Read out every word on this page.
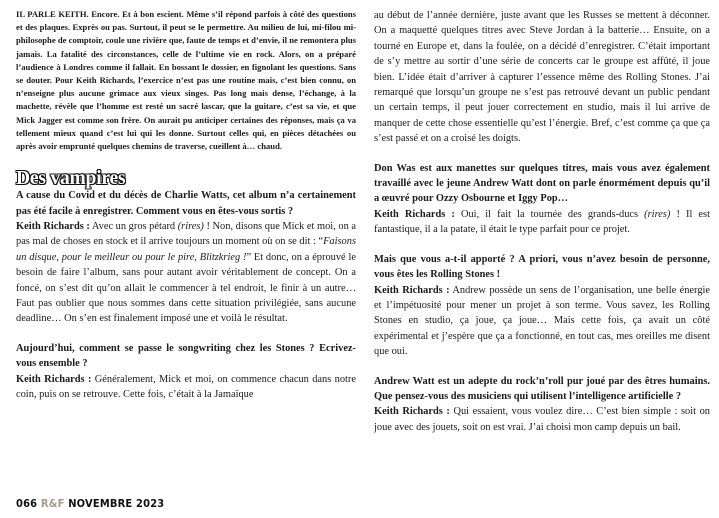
IL PARLE KEITH. Encore. Et à bon escient. Même s’il répond parfois à côté des questions et des plaques. Exprès ou pas. Surtout, il peut se le permettre. Au milieu de lui, mi-filou mi-philosophe de comptoir, coule une rivière que, faute de temps et d’envie, il ne remontera plus jamais. La fatalité des circonstances, celle de l’ultime vie en rock. Alors, on a préparé l’audience à Londres comme il fallait. En bossant le dossier, en fignolant les questions. Sans se douter. Pour Keith Richards, l’exercice n’est pas une routine mais, c’est bien connu, on n’enseigne plus aucune grimace aux vieux singes. Pas long mais dense, l’échange, à la machette, révèle que l’homme est resté un sacré lascar, que la guitare, c’est sa vie, et que Mick Jagger est comme son frère. On aurait pu anticiper certaines des réponses, mais ça va tellement mieux quand c’est lui qui les donne. Surtout celles qui, en pièces détachées ou après avoir emprunté quelques chemins de traverse, cueillent à… chaud.

Des vampires

A cause du Covid et du décès de Charlie Watts, cet album n’a certainement pas été facile à enregistrer. Comment vous en êtes-vous sortis ?

Keith Richards : Avec un gros pétard (rires) ! Non, disons que Mick et moi, on a pas mal de choses en stock et il arrive toujours un moment où on se dit : “Faisons un disque, pour le meilleur ou pour le pire, Blitzkrieg !” Et donc, on a éprouvé le besoin de faire l’album, sans pour autant avoir véritablement de concept. On a foncé, on s’est dit qu’on allait le commencer à tel endroit, le finir à un autre… Faut pas oublier que nous sommes dans cette situation privilégiée, sans aucune deadline… On s’en est finalement imposé une et voilà le résultat.

Aujourd’hui, comment se passe le songwriting chez les Stones ? Ecrivez-vous ensemble ?

Keith Richards : Généralement, Mick et moi, on commence chacun dans notre coin, puis on se retrouve. Cette fois, c’était à la Jamaïque

au début de l’année dernière, juste avant que les Russes se mettent à déconner. On a maquetté quelques titres avec Steve Jordan à la batterie… Ensuite, on a tourné en Europe et, dans la foulée, on a décidé d’enregistrer. C’était important de s’y mettre au sortir d’une série de concerts car le groupe est affûté, il joue bien. L’idée était d’arriver à capturer l’essence même des Rolling Stones. J’ai remarqué que lorsqu’un groupe ne s’est pas retrouvé devant un public pendant un certain temps, il peut jouer correctement en studio, mais il lui arrive de manquer de cette chose essentielle qu’est l’énergie. Bref, c’est comme ça que ça s’est passé et on a croisé les doigts.

Don Was est aux manettes sur quelques titres, mais vous avez également travaillé avec le jeune Andrew Watt dont on parle énormément depuis qu’il a œuvré pour Ozzy Osbourne et Iggy Pop…

Keith Richards : Oui, il fait la tournée des grands-ducs (rires) ! Il est fantastique, il a la patate, il était le type parfait pour ce projet.

Mais que vous a-t-il apporté ? A priori, vous n’avez besoin de personne, vous êtes les Rolling Stones !

Keith Richards : Andrew possède un sens de l’organisation, une belle énergie et l’impétuosité pour mener un projet à son terme. Vous savez, les Rolling Stones en studio, ça joue, ça joue… Mais cette fois, ça avait un côté expérimental et j’espère que ça a fonctionné, en tout cas, mes oreilles me disent que oui.

Andrew Watt est un adepte du rock’n’roll pur joué par des êtres humains. Que pensez-vous des musiciens qui utilisent l’intelligence artificielle ?

Keith Richards : Qui essaient, vous voulez dire… C’est bien simple : soit on joue avec des jouets, soit on est vrai. J’ai choisi mon camp depuis un bail.

066 R&F NOVEMBRE 2023
